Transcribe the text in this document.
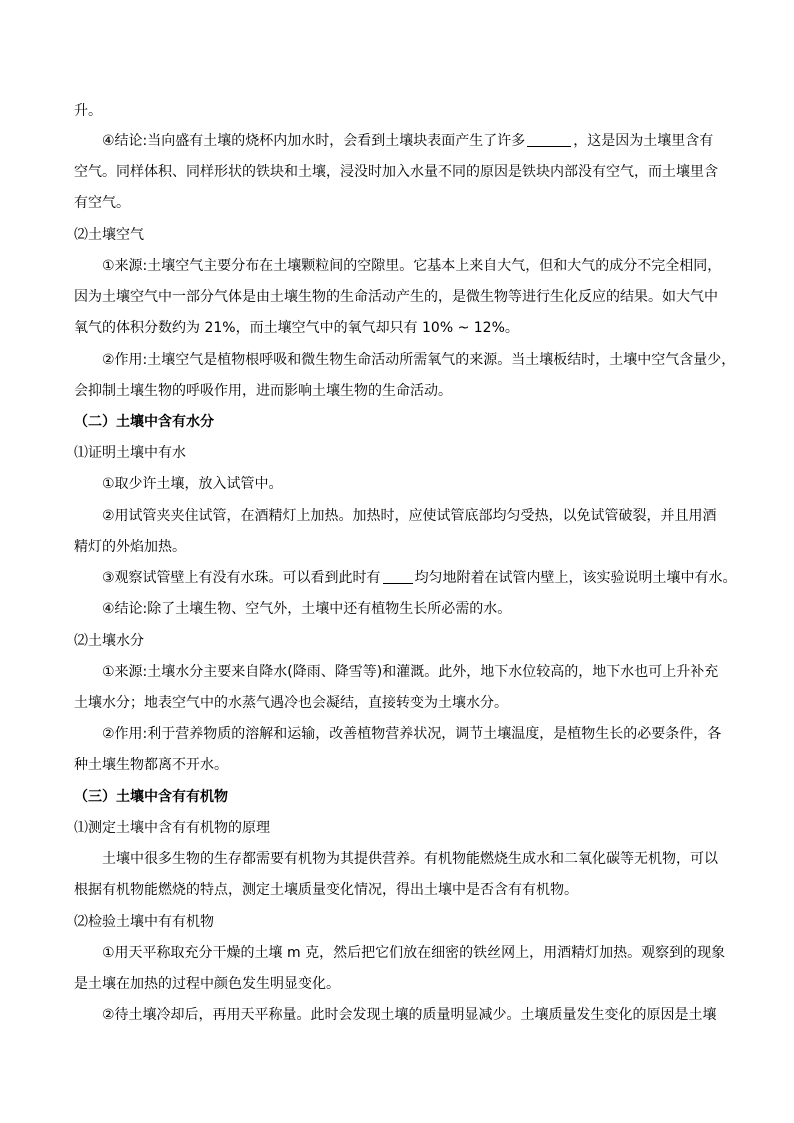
升。
④结论:当向盛有土壤的烧杯内加水时，会看到土壤块表面产生了许多	，这是因为土壤里含有
空气。同样体积、同样形状的铁块和土壤，浸没时加入水量不同的原因是铁块内部没有空气，而土壤里含
有空气。
⑵土壤空气
①来源:土壤空气主要分布在土壤颗粒间的空隙里。它基本上来自大气，但和大气的成分不完全相同，
因为土壤空气中一部分气体是由土壤生物的生命活动产生的，是微生物等进行生化反应的结果。如大气中
氧气的体积分数约为 21%，而土壤空气中的氧气却只有 10% ~ 12%。
②作用:土壤空气是植物根呼吸和微生物生命活动所需氧气的来源。当土壤板结时，土壤中空气含量少，
会抑制土壤生物的呼吸作用，进而影响土壤生物的生命活动。
（二）土壤中含有水分
⑴证明土壤中有水
①取少许土壤，放入试管中。
②用试管夹夹住试管，在酒精灯上加热。加热时，应使试管底部均匀受热，以免试管破裂，并且用酒
精灯的外焰加热。
③观察试管壁上有没有水珠。可以看到此时有 均匀地附着在试管内壁上，该实验说明土壤中有水。
④结论:除了土壤生物、空气外，土壤中还有植物生长所必需的水。
⑵土壤水分
①来源:土壤水分主要来自降水(降雨、降雪等)和灌溉。此外，地下水位较高的，地下水也可上升补充
土壤水分；地表空气中的水蒸气遇冷也会凝结，直接转变为土壤水分。
②作用:利于营养物质的溶解和运输，改善植物营养状况，调节土壤温度，是植物生长的必要条件，各
种土壤生物都离不开水。
（三）土壤中含有有机物
⑴测定土壤中含有有机物的原理
土壤中很多生物的生存都需要有机物为其提供营养。有机物能燃烧生成水和二氧化碳等无机物，可以
根据有机物能燃烧的特点，测定土壤质量变化情况，得出土壤中是否含有有机物。
⑵检验土壤中有有机物
①用天平称取充分干燥的土壤 m 克，然后把它们放在细密的铁丝网上，用酒精灯加热。观察到的现象
是土壤在加热的过程中颜色发生明显变化。
②待土壤冷却后，再用天平称量。此时会发现土壤的质量明显减少。土壤质量发生变化的原因是土壤
